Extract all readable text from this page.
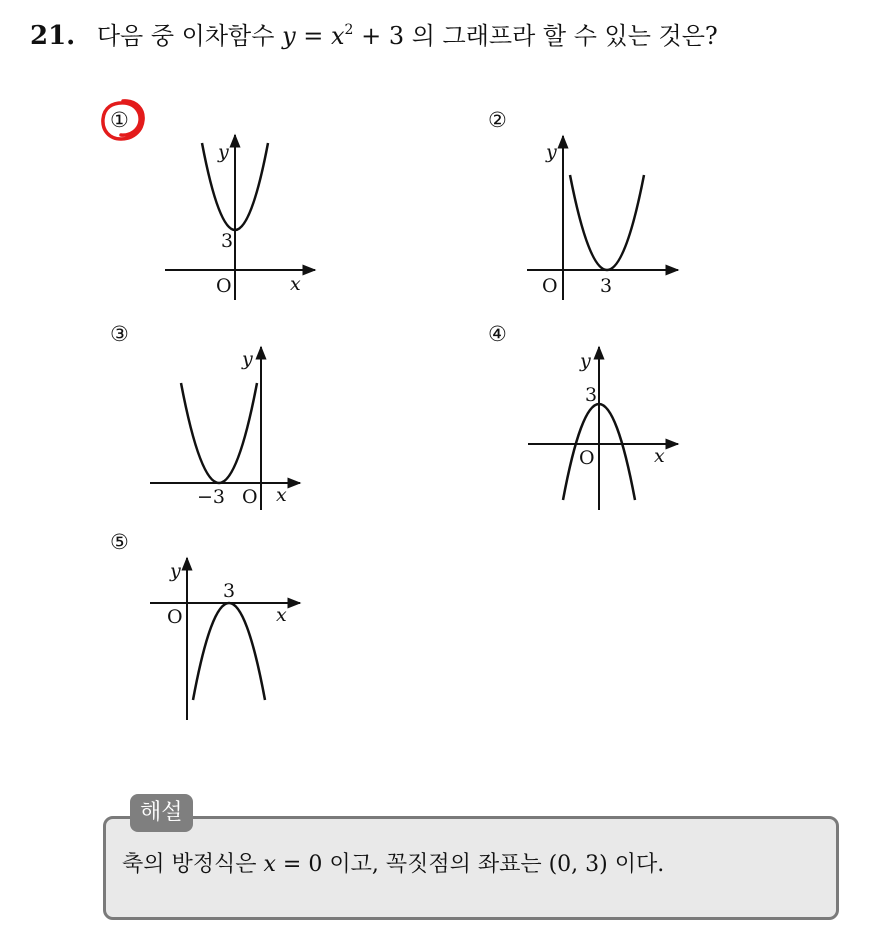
21. 다음 중 이차함수 $y = x^2 + 3$ 의 그래프라 할 수 있는 것은?
①	②
③	④
⑤
y
x
O
3
y
O 3
y
x
O
−3
y
x
O
3
y
x
O
3
해설
축의 방정식은 x = 0 이고, 꼭짓점의 좌표는 (0, 3) 이다.
